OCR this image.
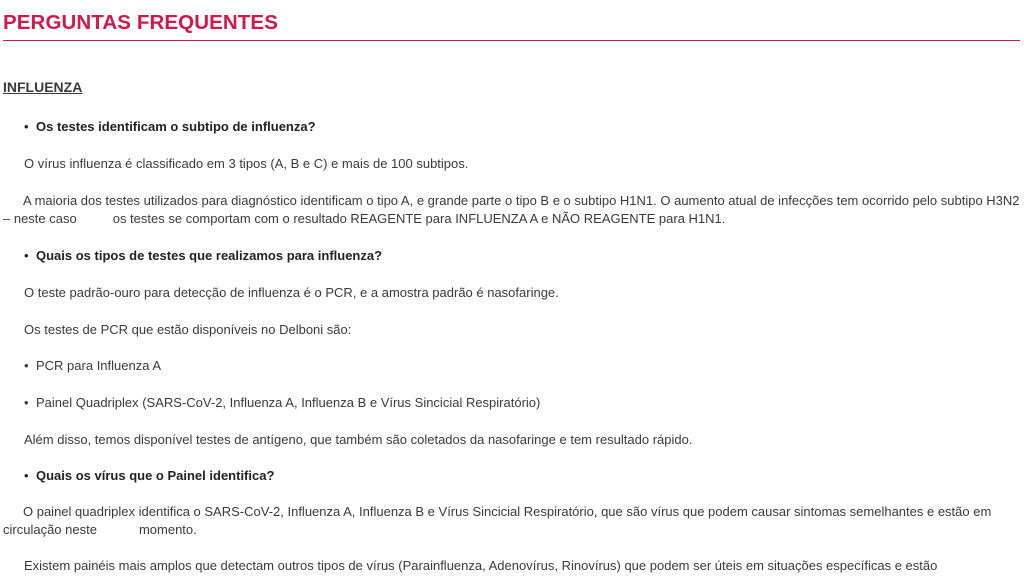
PERGUNTAS FREQUENTES
INFLUENZA
• Os testes identificam o subtipo de influenza?
O vírus influenza é classificado em 3 tipos (A, B e C) e mais de 100 subtipos.
A maioria dos testes utilizados para diagnóstico identificam o tipo A, e grande parte o tipo B e o subtipo H1N1. O aumento atual de infecções tem ocorrido pelo subtipo H3N2 – neste caso	os testes se comportam com o resultado REAGENTE para INFLUENZA A e NÃO REAGENTE para H1N1.
• Quais os tipos de testes que realizamos para influenza?
O teste padrão-ouro para detecção de influenza é o PCR, e a amostra padrão é nasofaringe.
Os testes de PCR que estão disponíveis no Delboni são:
• PCR para Influenza A
• Painel Quadriplex (SARS-CoV-2, Influenza A, Influenza B e Vírus Sincicial Respiratório)
Além disso, temos disponível testes de antígeno, que também são coletados da nasofaringe e tem resultado rápido.
• Quais os vírus que o Painel identifica?
O painel quadriplex identifica o SARS-CoV-2, Influenza A, Influenza B e Vírus Sincicial Respiratório, que são vírus que podem causar sintomas semelhantes e estão em circulação neste	momento.
Existem painéis mais amplos que detectam outros tipos de vírus (Parainfluenza, Adenovírus, Rinovírus) que podem ser úteis em situações específicas e estão
